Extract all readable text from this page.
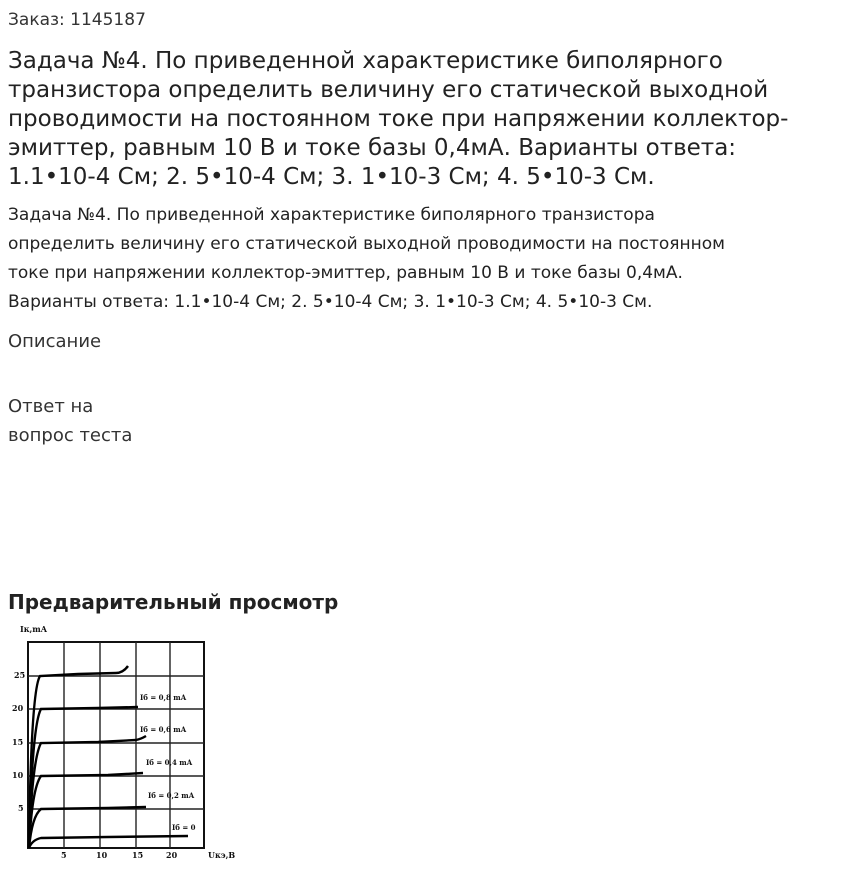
Заказ: 1145187
Задача №4. По приведенной характеристике биполярного
транзистора определить величину его статической выходной
проводимости на постоянном токе при напряжении коллектор-
эмиттер, равным 10 В и токе базы 0,4мА. Варианты ответа:
1.1•10-4 См; 2. 5•10-4 См; 3. 1•10-3 См; 4. 5•10-3 См.
Задача №4. По приведенной характеристике биполярного транзистора
определить величину его статической выходной проводимости на постоянном
токе при напряжении коллектор-эмиттер, равным 10 В и токе базы 0,4мА.
Варианты ответа: 1.1•10-4 См; 2. 5•10-4 См; 3. 1•10-3 См; 4. 5•10-3 См.
Описание
Ответ на
вопрос теста
Предварительный просмотр
Iк,mA
25
20
15
10
5
5	10	15	20	Uкэ,B
Iб = 0,8 mA
Iб = 0,6 mA
Iб = 0,4 mA
Iб = 0,2 mA
Iб = 0
